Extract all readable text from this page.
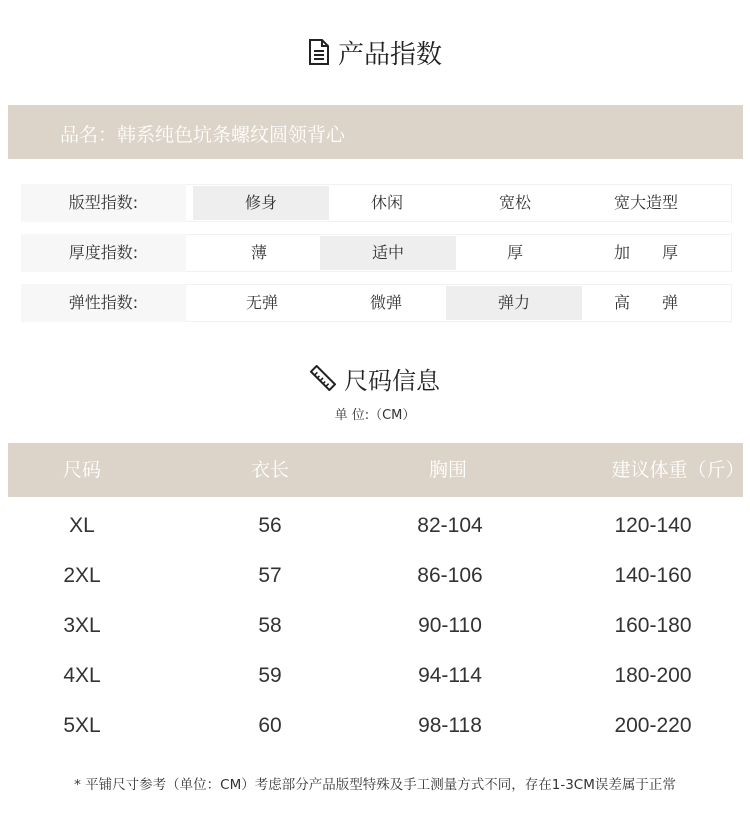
产品指数
品名：韩系纯色坑条螺纹圆领背心
版型指数:	修身	休闲	宽松	宽大造型
厚度指数:	薄	适中	厚	加　　厚
弹性指数:	无弹	微弹	弹力	高　　弹
尺码信息
单 位:（CM）
尺码	衣长	胸围	建议体重（斤）
XL	56	82-104	120-140
2XL	57	86-106	140-160
3XL	58	90-110	160-180
4XL	59	94-114	180-200
5XL	60	98-118	200-220
* 平铺尺寸参考（单位：CM）考虑部分产品版型特殊及手工测量方式不同，存在1-3CM误差属于正常
